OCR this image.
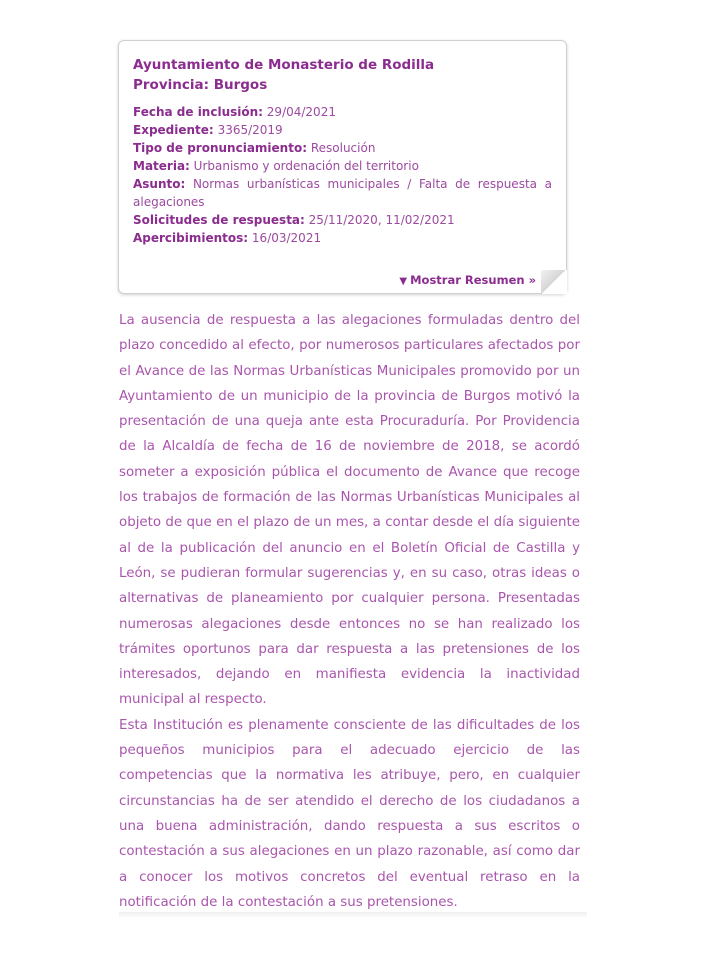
Ayuntamiento de Monasterio de Rodilla
Provincia: Burgos
Fecha de inclusión: 29/04/2021
Expediente: 3365/2019
Tipo de pronunciamiento: Resolución
Materia: Urbanismo y ordenación del territorio
Asunto: Normas urbanísticas municipales / Falta de respuesta a alegaciones
Solicitudes de respuesta: 25/11/2020, 11/02/2021
Apercibimientos: 16/03/2021
▼ Mostrar Resumen »

La ausencia de respuesta a las alegaciones formuladas dentro del plazo concedido al efecto, por numerosos particulares afectados por el Avance de las Normas Urbanísticas Municipales promovido por un Ayuntamiento de un municipio de la provincia de Burgos motivó la presentación de una queja ante esta Procuraduría. Por Providencia de la Alcaldía de fecha de 16 de noviembre de 2018, se acordó someter a exposición pública el documento de Avance que recoge los trabajos de formación de las Normas Urbanísticas Municipales al objeto de que en el plazo de un mes, a contar desde el día siguiente al de la publicación del anuncio en el Boletín Oficial de Castilla y León, se pudieran formular sugerencias y, en su caso, otras ideas o alternativas de planeamiento por cualquier persona. Presentadas numerosas alegaciones desde entonces no se han realizado los trámites oportunos para dar respuesta a las pretensiones de los interesados, dejando en manifiesta evidencia la inactividad municipal al respecto.

Esta Institución es plenamente consciente de las dificultades de los pequeños municipios para el adecuado ejercicio de las competencias que la normativa les atribuye, pero, en cualquier circunstancias ha de ser atendido el derecho de los ciudadanos a una buena administración, dando respuesta a sus escritos o contestación a sus alegaciones en un plazo razonable, así como dar a conocer los motivos concretos del eventual retraso en la notificación de la contestación a sus pretensiones.
